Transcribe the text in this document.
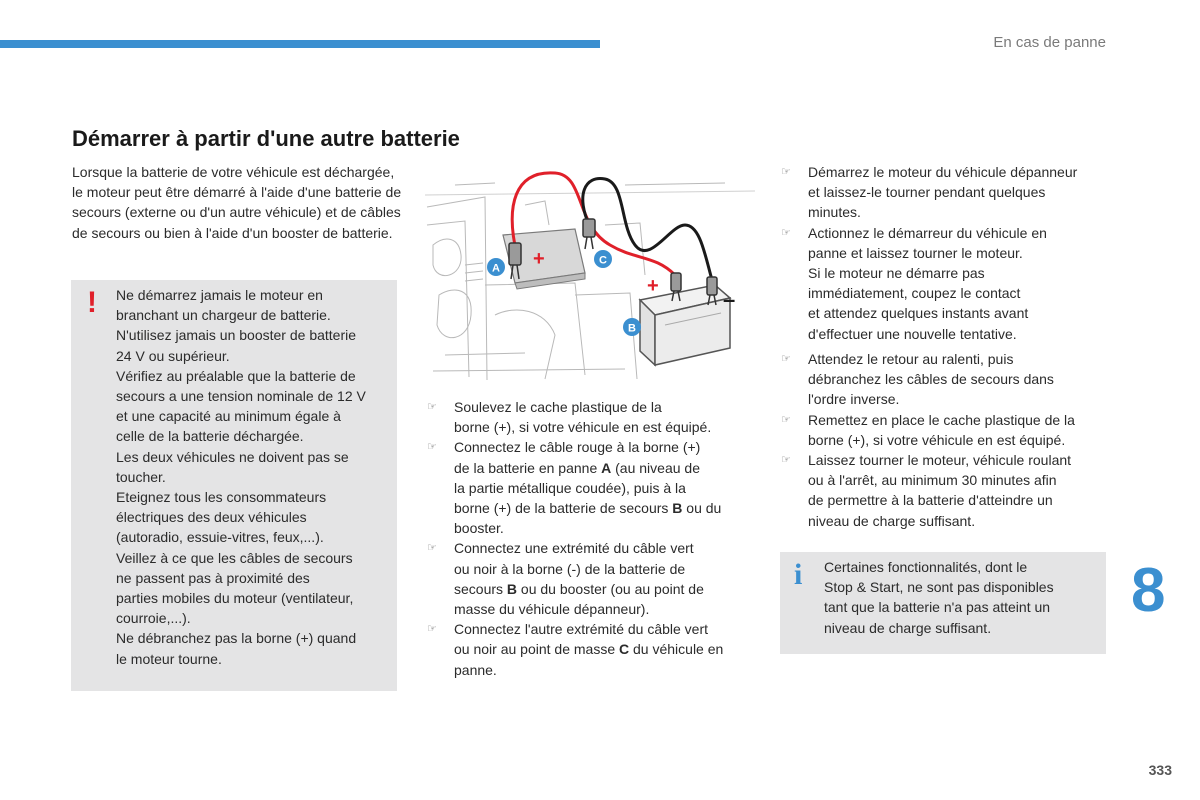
En cas de panne
Démarrer à partir d'une autre batterie

Lorsque la batterie de votre véhicule est déchargée, le moteur peut être démarré à l'aide d'une batterie de secours (externe ou d'un autre véhicule) et de câbles de secours ou bien à l'aide d'un booster de batterie.

! Ne démarrez jamais le moteur en
branchant un chargeur de batterie.
N'utilisez jamais un booster de batterie
24 V ou supérieur.
Vérifiez au préalable que la batterie de
secours a une tension nominale de 12 V
et une capacité au minimum égale à
celle de la batterie déchargée.
Les deux véhicules ne doivent pas se
toucher.
Eteignez tous les consommateurs
électriques des deux véhicules
(autoradio, essuie-vitres, feux,...).
Veillez à ce que les câbles de secours
ne passent pas à proximité des
parties mobiles du moteur (ventilateur,
courroie,...).
Ne débranchez pas la borne (+) quand
le moteur tourne.
+
+
–
A
C
B
☞ Soulevez le cache plastique de la
borne (+), si votre véhicule en est équipé.
☞ Connectez le câble rouge à la borne (+)
de la batterie en panne A (au niveau de
la partie métallique coudée), puis à la
borne (+) de la batterie de secours B ou du
booster.
☞ Connectez une extrémité du câble vert
ou noir à la borne (-) de la batterie de
secours B ou du booster (ou au point de
masse du véhicule dépanneur).
☞ Connectez l'autre extrémité du câble vert
ou noir au point de masse C du véhicule en
panne.
☞ Démarrez le moteur du véhicule dépanneur
et laissez-le tourner pendant quelques
minutes.
☞ Actionnez le démarreur du véhicule en
panne et laissez tourner le moteur.
Si le moteur ne démarre pas
immédiatement, coupez le contact
et attendez quelques instants avant
d'effectuer une nouvelle tentative.
☞ Attendez le retour au ralenti, puis
débranchez les câbles de secours dans
l'ordre inverse.
☞ Remettez en place le cache plastique de la
borne (+), si votre véhicule en est équipé.
☞ Laissez tourner le moteur, véhicule roulant
ou à l'arrêt, au minimum 30 minutes afin
de permettre à la batterie d'atteindre un
niveau de charge suffisant.
i Certaines fonctionnalités, dont le
Stop & Start, ne sont pas disponibles
tant que la batterie n'a pas atteint un
niveau de charge suffisant.
8
333
